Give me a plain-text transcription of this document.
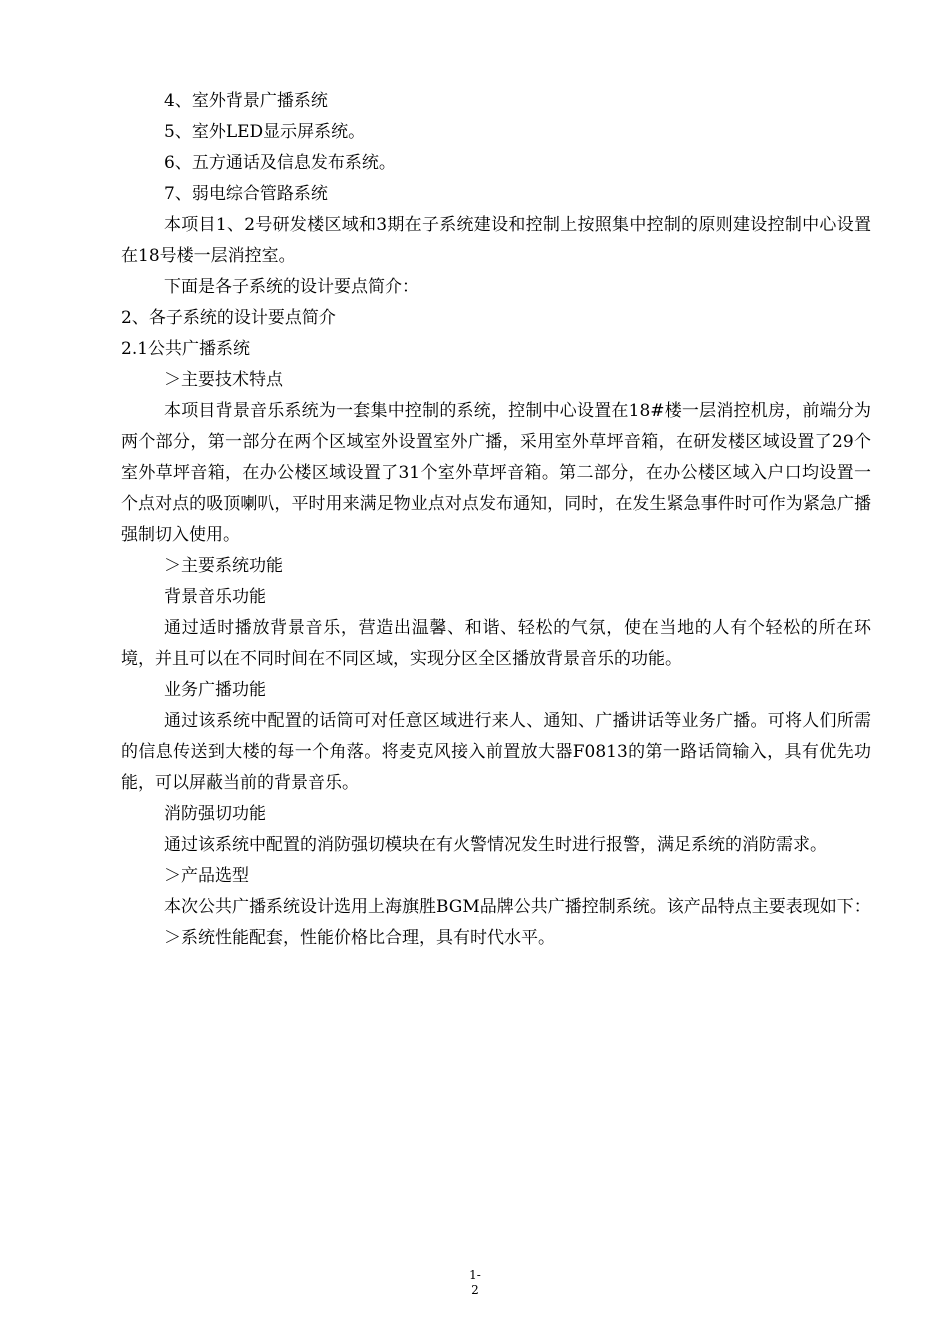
4、室外背景广播系统
5、室外LED显示屏系统。
6、五方通话及信息发布系统。
7、弱电综合管路系统
本项目1、2号研发楼区域和3期在子系统建设和控制上按照集中控制的原则建设控制中心设置在18号楼一层消控室。
下面是各子系统的设计要点简介：
2、各子系统的设计要点简介
2.1公共广播系统
＞主要技术特点
本项目背景音乐系统为一套集中控制的系统，控制中心设置在18#楼一层消控机房，前端分为两个部分，第一部分在两个区域室外设置室外广播，采用室外草坪音箱，在研发楼区域设置了29个室外草坪音箱，在办公楼区域设置了31个室外草坪音箱。第二部分，在办公楼区域入户口均设置一个点对点的吸顶喇叭，平时用来满足物业点对点发布通知，同时，在发生紧急事件时可作为紧急广播强制切入使用。
＞主要系统功能
背景音乐功能
通过适时播放背景音乐，营造出温馨、和谐、轻松的气氛，使在当地的人有个轻松的所在环境，并且可以在不同时间在不同区域，实现分区全区播放背景音乐的功能。
业务广播功能
通过该系统中配置的话筒可对任意区域进行来人、通知、广播讲话等业务广播。可将人们所需的信息传送到大楼的每一个角落。将麦克风接入前置放大器F0813的第一路话筒输入，具有优先功能，可以屏蔽当前的背景音乐。
消防强切功能
通过该系统中配置的消防强切模块在有火警情况发生时进行报警，满足系统的消防需求。
＞产品选型
本次公共广播系统设计选用上海旗胜BGM品牌公共广播控制系统。该产品特点主要表现如下：
＞系统性能配套，性能价格比合理，具有时代水平。
1-
2
